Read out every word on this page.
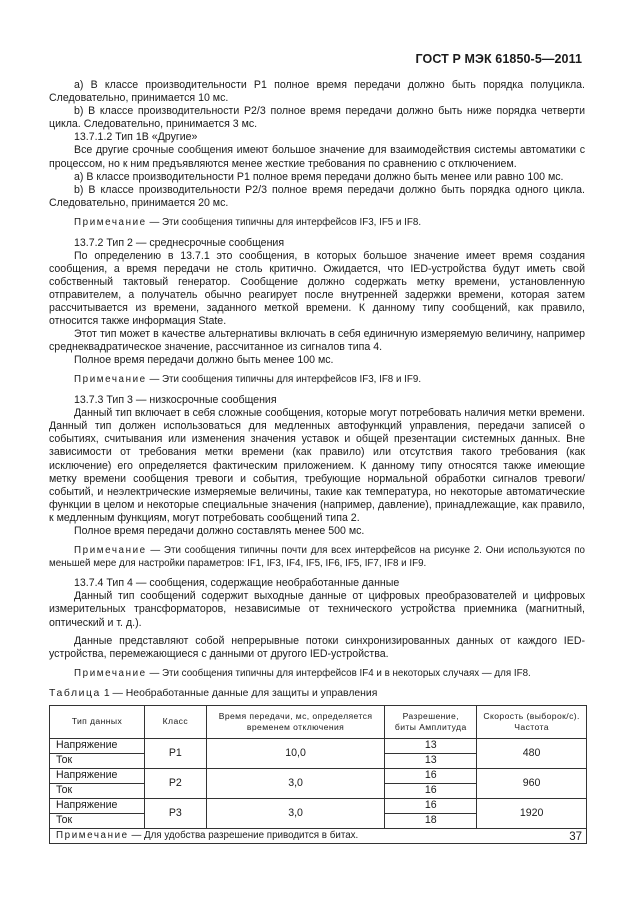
ГОСТ Р МЭК 61850-5—2011

а) В классе производительности P1 полное время передачи должно быть порядка полуцикла. Следовательно, принимается 10 мс.

b) В классе производительности P2/3 полное время передачи должно быть ниже порядка четверти цикла. Следовательно, принимается 3 мс.

13.7.1.2 Тип 1В «Другие»

Все другие срочные сообщения имеют большое значение для взаимодействия системы автоматики с процессом, но к ним предъявляются менее жесткие требования по сравнению с отключением.

а) В классе производительности P1 полное время передачи должно быть менее или равно 100 мс.

b) В классе производительности P2/3 полное время передачи должно быть порядка одного цикла. Следовательно, принимается 20 мс.

Примечание — Эти сообщения типичны для интерфейсов IF3, IF5 и IF8.

13.7.2 Тип 2 — среднесрочные сообщения

По определению в 13.7.1 это сообщения, в которых большое значение имеет время создания сообщения, а время передачи не столь критично. Ожидается, что IED-устройства будут иметь свой собственный тактовый генератор. Сообщение должно содержать метку времени, установленную отправителем, а получатель обычно реагирует после внутренней задержки времени, которая затем рассчитывается из времени, заданного меткой времени. К данному типу сообщений, как правило, относится также информация State.

Этот тип может в качестве альтернативы включать в себя единичную измеряемую величину, например среднеквадратическое значение, рассчитанное из сигналов типа 4.

Полное время передачи должно быть менее 100 мс.

Примечание — Эти сообщения типичны для интерфейсов IF3, IF8 и IF9.

13.7.3 Тип 3 — низкосрочные сообщения

Данный тип включает в себя сложные сообщения, которые могут потребовать наличия метки времени. Данный тип должен использоваться для медленных автофункций управления, передачи записей о событиях, считывания или изменения значения уставок и общей презентации системных данных. Вне зависимости от требования метки времени (как правило) или отсутствия такого требования (как исключение) его определяется фактическим приложением. К данному типу относятся также имеющие метку времени сообщения тревоги и события, требующие нормальной обработки сигналов тревоги/событий, и неэлектрические измеряемые величины, такие как температура, но некоторые автоматические функции в целом и некоторые специальные значения (например, давление), принадлежащие, как правило, к медленным функциям, могут потребовать сообщений типа 2.

Полное время передачи должно составлять менее 500 мс.

Примечание — Эти сообщения типичны почти для всех интерфейсов на рисунке 2. Они используются по меньшей мере для настройки параметров: IF1, IF3, IF4, IF5, IF6, IF5, IF7, IF8 и IF9.

13.7.4 Тип 4 — сообщения, содержащие необработанные данные

Данный тип сообщений содержит выходные данные от цифровых преобразователей и цифровых измерительных трансформаторов, независимые от технического устройства приемника (магнитный, оптический и т. д.).

Данные представляют собой непрерывные потоки синхронизированных данных от каждого IED-устройства, перемежающиеся с данными от другого IED-устройства.

Примечание — Эти сообщения типичны для интерфейсов IF4 и в некоторых случаях — для IF8.

Таблица 1 — Необработанные данные для защиты и управления

Тип данных	Класс	Время передачи, мс, определяется временем отключения	Разрешение, биты Амплитуда	Скорость (выборок/с). Частота
Напряжение	P1	10,0	13	480
Ток			13	
Напряжение	P2	3,0	16	960
Ток			16	
Напряжение	P3	3,0	16	1920
Ток			18	
Примечание — Для удобства разрешение приводится в битах.					37
